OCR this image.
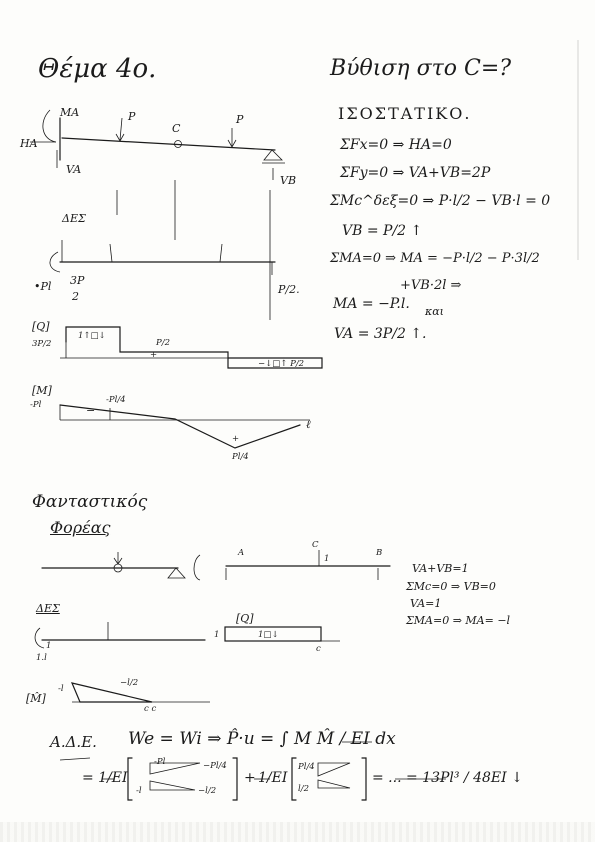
Θέμα 4ο.	Βύθιση στο C=?
ΙΣΟΣΤΑΤΙΚΟ.
ΣFx=0 ⇒ HA=0
ΣFy=0 ⇒ VA+VB=2P
ΣMc^δεξ=0 ⇒ P·l/2 − VB·l = 0
VB = P/2 ↑
ΣMA=0 ⇒ MA = −P·l/2 − P·3l/2
+VB·2l ⇒
MA = −P.l. και
VA = 3P/2 ↑.
MA
HA
VA
P
C
P
VB
ΔΕΣ
P/2.
•Pl 3P
2
[Q]
3P/2
1↑□↓
P/2
+
−↓□↑ P/2
[M]
-Pl	-Pl/4
−
+
Pl/4
ℓ
Φανταστικός
Φορέας
A
C
1
B
VA+VB=1
ΣMc=0 ⇒ VB=0
VA=1
ΣMA=0 ⇒ MA= −l
ΔΕΣ
1
1.l
[Q]
1	1□↓
c
[M̂]
-l
−l/2
c c
Α.Δ.Ε. We = Wi ⇒ P̂·u = ∫ M M̂ / EI dx
= 1/EI
-Pl	−Pl/4
-l	−l/2
+ 1/EI
Pl/4
l/2
= ... = 13Pl³ / 48EI ↓
